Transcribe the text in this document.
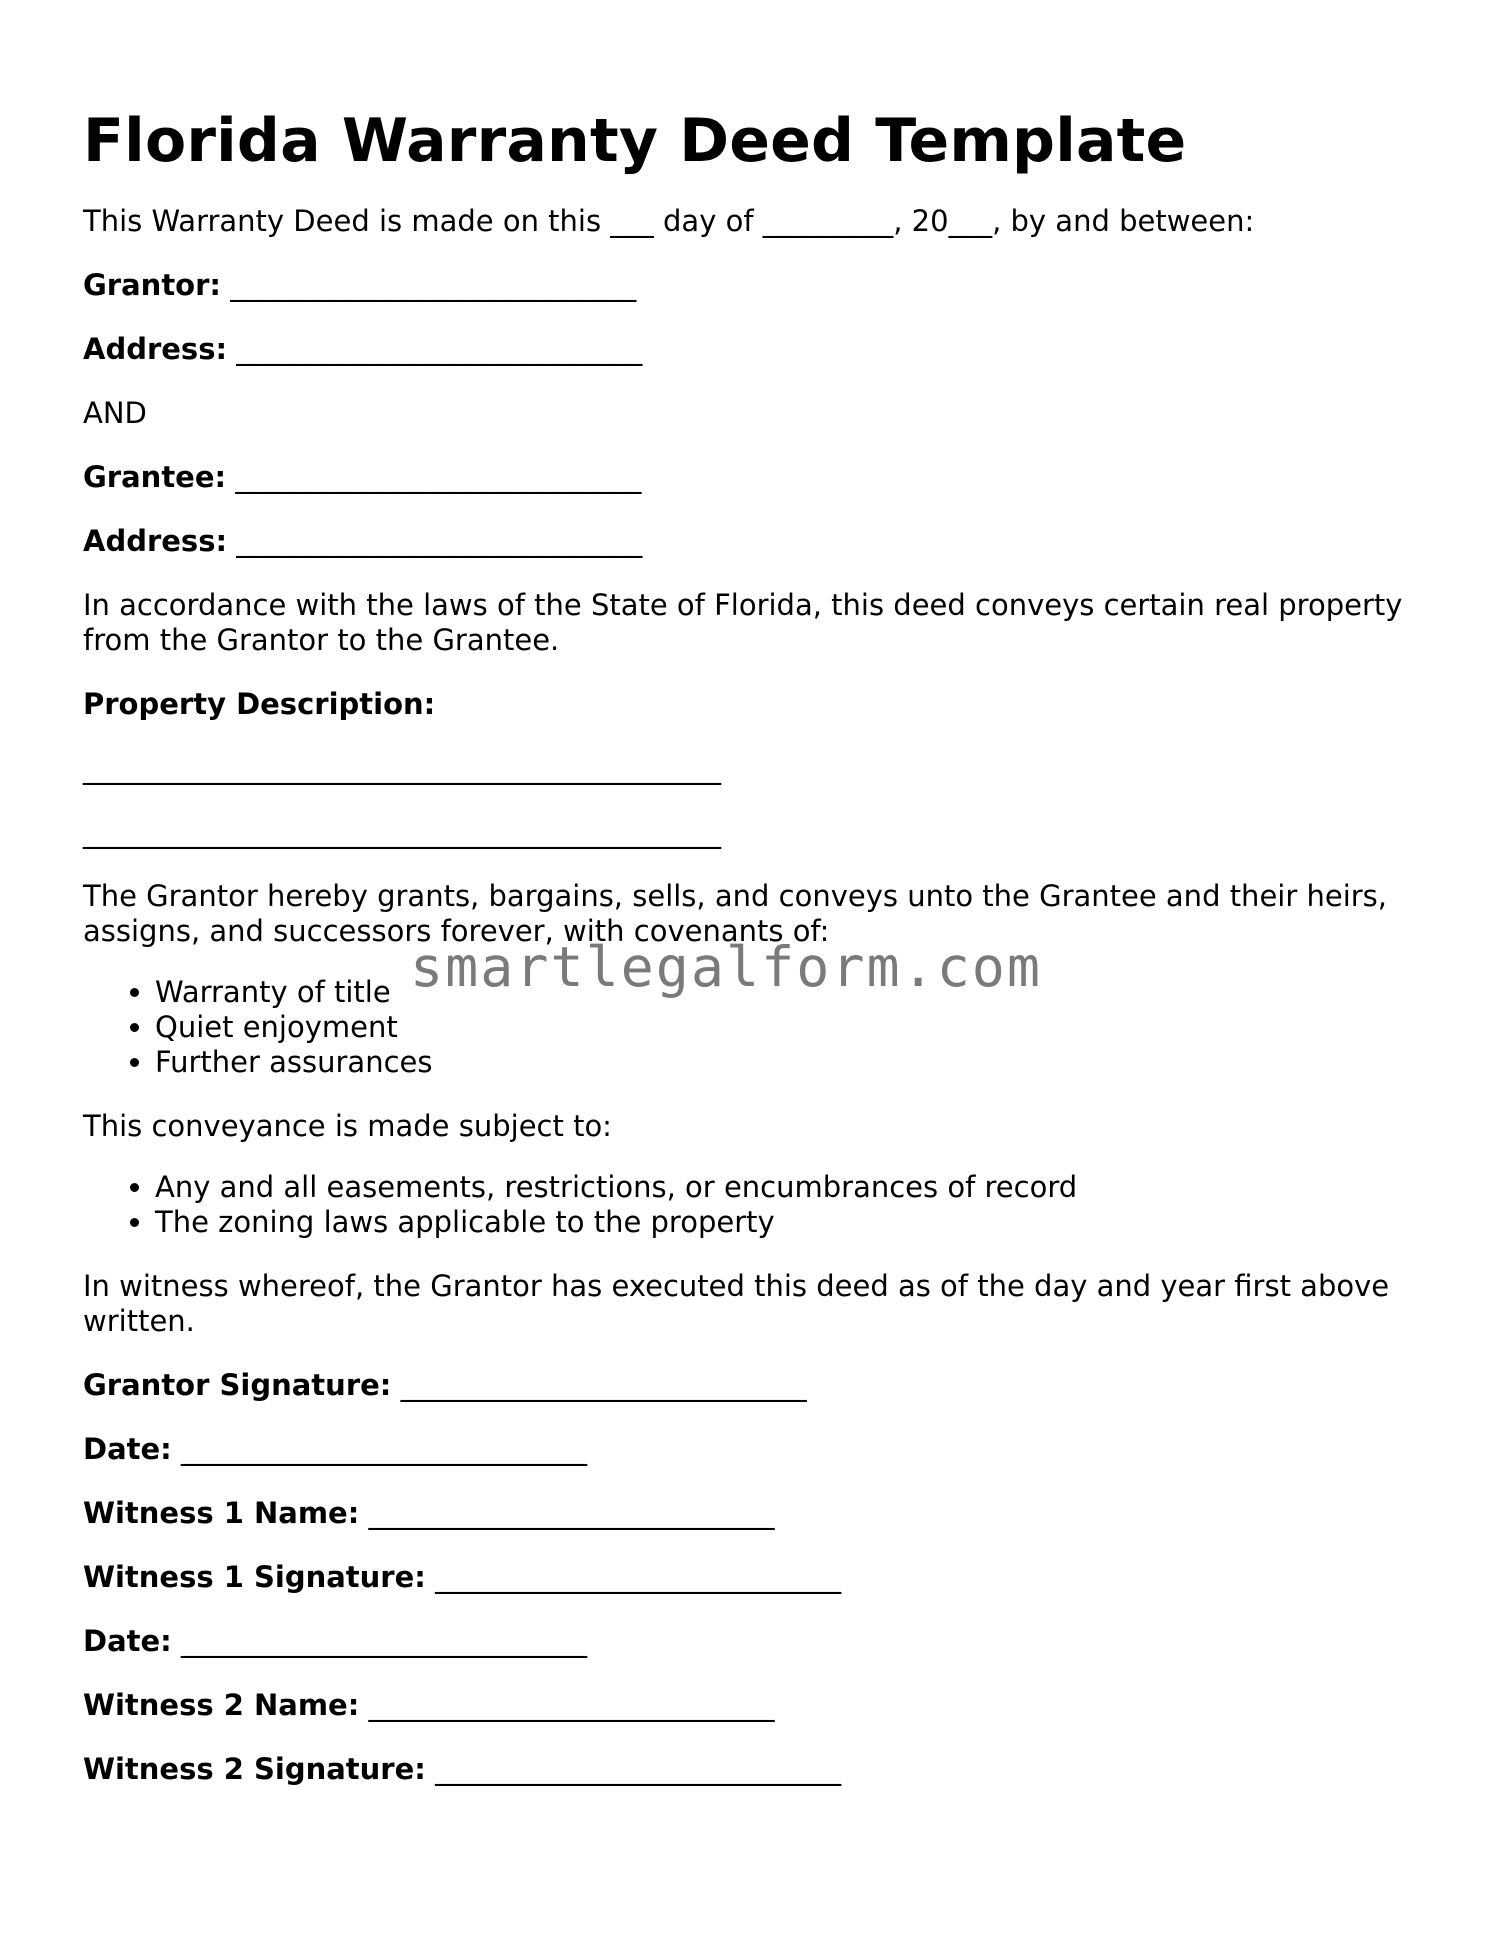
Florida Warranty Deed Template

This Warranty Deed is made on this ___ day of _________, 20___, by and between:

Grantor: ____________________________

Address: ____________________________

AND

Grantee: ____________________________

Address: ____________________________

In accordance with the laws of the State of Florida, this deed conveys certain real property from the Grantor to the Grantee.

Property Description:

____________________________________________
____________________________________________

The Grantor hereby grants, bargains, sells, and conveys unto the Grantee and their heirs, assigns, and successors forever, with covenants of:

• Warranty of title
• Quiet enjoyment
• Further assurances

This conveyance is made subject to:

• Any and all easements, restrictions, or encumbrances of record
• The zoning laws applicable to the property

In witness whereof, the Grantor has executed this deed as of the day and year first above written.

Grantor Signature: ____________________________

Date: ____________________________

Witness 1 Name: ____________________________

Witness 1 Signature: ____________________________

Date: ____________________________

Witness 2 Name: ____________________________

Witness 2 Signature: ____________________________

smartlegalform.com
